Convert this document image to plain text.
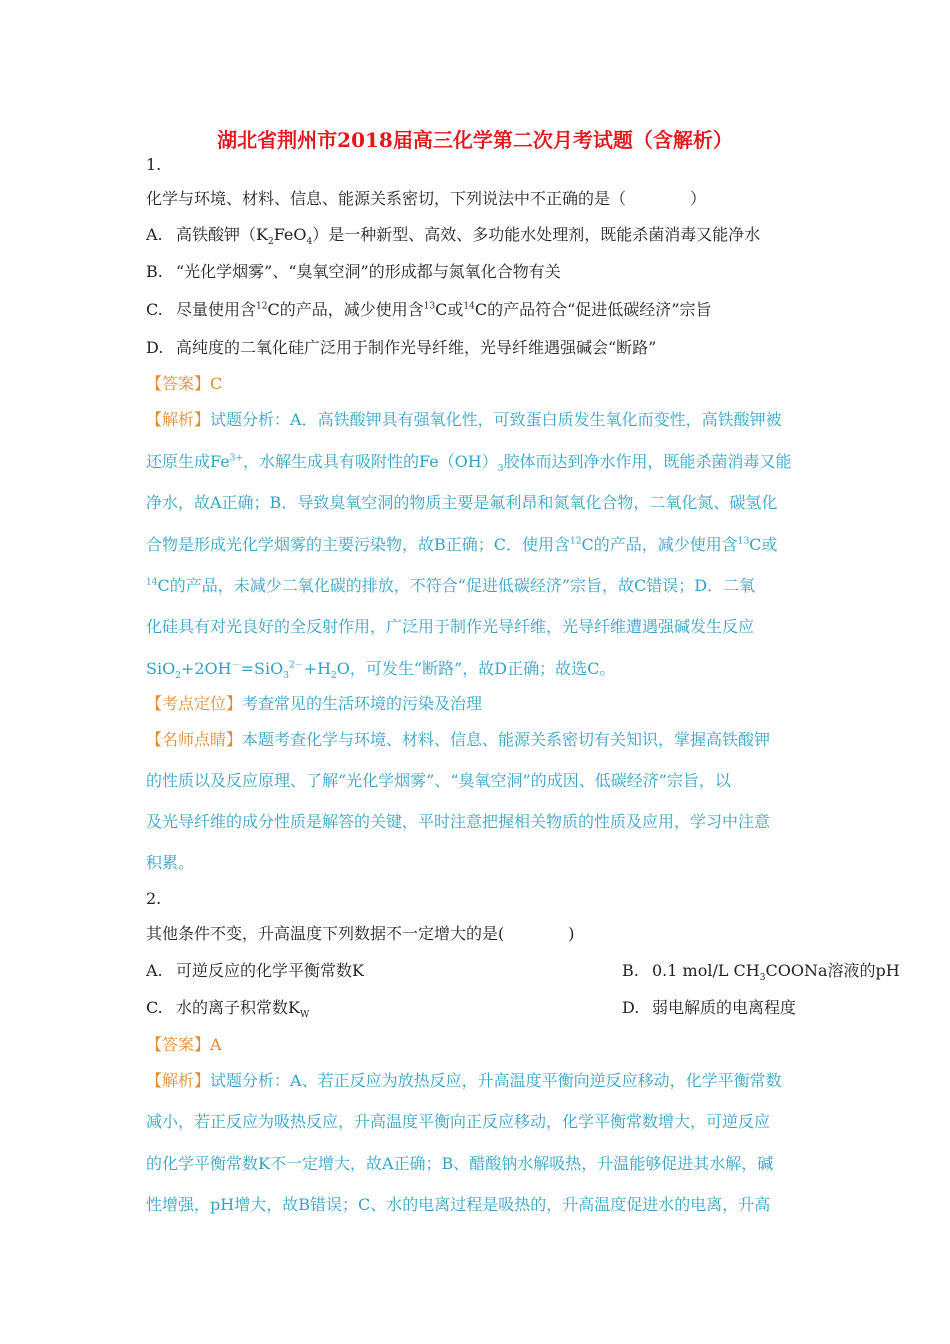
湖北省荆州市2018届高三化学第二次月考试题（含解析）
1.
化学与环境、材料、信息、能源关系密切，下列说法中不正确的是（　　　　）
A. 高铁酸钾$(K_2FeO_4)$是一种新型、高效、多功能水处理剂，既能杀菌消毒又能净水
B. “光化学烟雾”、“臭氧空洞”的形成都与氮氧化合物有关
C. 尽量使用含$^{12}$C的产品，减少使用含$^{13}$C或$^{14}$C的产品符合“促进低碳经济”宗旨
D. 高纯度的二氧化硅广泛用于制作光导纤维，光导纤维遇强碱会“断路”
【答案】C
【解析】试题分析：A．高铁酸钾具有强氧化性，可致蛋白质发生氧化而变性，高铁酸钾被
还原生成$Fe^{3+}$，水解生成具有吸附性的$Fe(OH)_3$胶体而达到净水作用，既能杀菌消毒又能
净水，故A正确；B．导致臭氧空洞的物质主要是氟利昂和氮氧化合物，二氧化氮、碳氢化
合物是形成光化学烟雾的主要污染物，故B正确；C．使用含$^{12}$C的产品，减少使用含$^{13}$C或
$^{14}$C的产品，未减少二氧化碳的排放，不符合“促进低碳经济”宗旨，故C错误；D．二氧
化硅具有对光良好的全反射作用，广泛用于制作光导纤维，光导纤维遭遇强碱发生反应
$SiO_2+2OH^-=SiO_3^{2-}+H_2O$，可发生“断路”，故D正确；故选C。
【考点定位】考查常见的生活环境的污染及治理
【名师点睛】本题考查化学与环境、材料、信息、能源关系密切有关知识，掌握高铁酸钾
的性质以及反应原理、了解“光化学烟雾”、“臭氧空洞”的成因、低碳经济”宗旨，以
及光导纤维的成分性质是解答的关键，平时注意把握相关物质的性质及应用，学习中注意
积累。
2.
其他条件不变，升高温度下列数据不一定增大的是(　　　　)
A. 可逆反应的化学平衡常数K	B. 0.1 mol/L $CH_3COONa$溶液的pH
C. 水的离子积常数$K_W$	D. 弱电解质的电离程度
【答案】A
【解析】试题分析：A、若正反应为放热反应，升高温度平衡向逆反应移动，化学平衡常数
减小，若正反应为吸热反应，升高温度平衡向正反应移动，化学平衡常数增大，可逆反应
的化学平衡常数K不一定增大，故A正确；B、醋酸钠水解吸热，升温能够促进其水解，碱
性增强，pH增大，故B错误；C、水的电离过程是吸热的，升高温度促进水的电离，升高
